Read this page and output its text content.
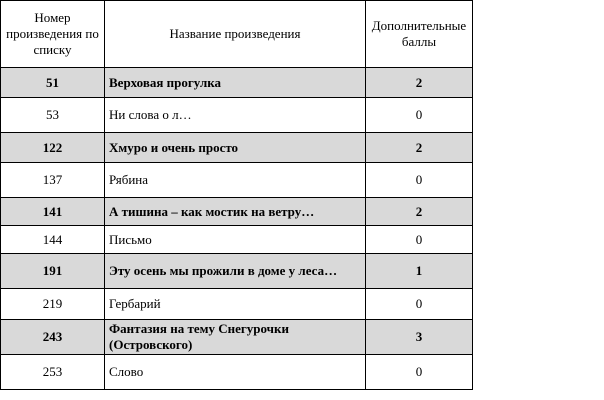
Номер произведения по списку	Название произведения	Дополнительные баллы
51	Верховая прогулка	2
53	Ни слова о л…	0
122	Хмуро и очень просто	2
137	Рябина	0
141	А тишина – как мостик на ветру…	2
144	Письмо	0
191	Эту осень мы прожили в доме у леса…	1
219	Гербарий	0
243	Фантазия на тему Снегурочки (Островского)	3
253	Слово	0
